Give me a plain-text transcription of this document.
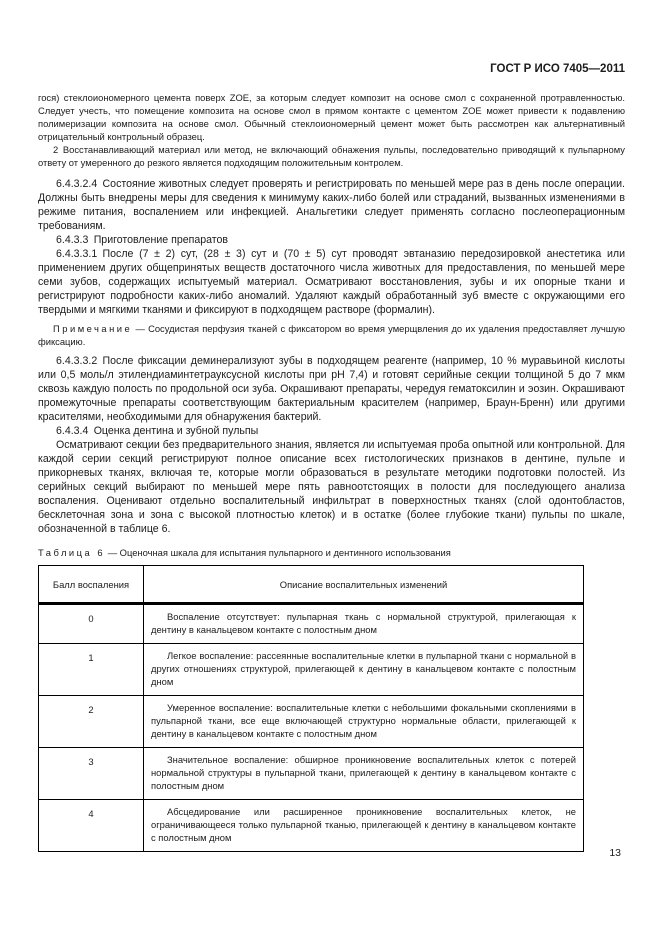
ГОСТ Р ИСО 7405—2011

гося) стеклоиономерного цемента поверх ZOE, за которым следует композит на основе смол с сохраненной протравленностью. Следует учесть, что помещение композита на основе смол в прямом контакте с цементом ZOE может привести к подавлению полимеризации композита на основе смол. Обычный стеклоиономерный цемент может быть рассмотрен как альтернативный отрицательный контрольный образец.

2 Восстанавливающий материал или метод, не включающий обнажения пульпы, последовательно приводящий к пульпарному ответу от умеренного до резкого является подходящим положительным контролем.

6.4.3.2.4 Состояние животных следует проверять и регистрировать по меньшей мере раз в день после операции. Должны быть внедрены меры для сведения к минимуму каких-либо болей или страданий, вызванных изменениями в режиме питания, воспалением или инфекцией. Анальгетики следует применять согласно послеоперационным требованиям.

6.4.3.3 Приготовление препаратов

6.4.3.3.1 После (7 ± 2) сут, (28 ± 3) сут и (70 ± 5) сут проводят эвтаназию передозировкой анестетика или применением других общепринятых веществ достаточного числа животных для предоставления, по меньшей мере семи зубов, содержащих испытуемый материал. Осматривают восстановления, зубы и их опорные ткани и регистрируют подробности каких-либо аномалий. Удаляют каждый обработанный зуб вместе с окружающими его твердыми и мягкими тканями и фиксируют в подходящем растворе (формалин).

Примечание — Сосудистая перфузия тканей с фиксатором во время умерщвления до их удаления предоставляет лучшую фиксацию.

6.4.3.3.2 После фиксации деминерализуют зубы в подходящем реагенте (например, 10 % муравьиной кислоты или 0,5 моль/л этилендиаминтетрауксусной кислоты при pH 7,4) и готовят серийные секции толщиной 5 до 7 мкм сквозь каждую полость по продольной оси зуба. Окрашивают препараты, чередуя гематоксилин и эозин. Окрашивают промежуточные препараты соответствующим бактериальным красителем (например, Браун-Бренн) или другими красителями, необходимыми для обнаружения бактерий.

6.4.3.4 Оценка дентина и зубной пульпы

Осматривают секции без предварительного знания, является ли испытуемая проба опытной или контрольной. Для каждой серии секций регистрируют полное описание всех гистологических признаков в дентине, пульпе и прикорневых тканях, включая те, которые могли образоваться в результате методики подготовки полостей. Из серийных секций выбирают по меньшей мере пять равноотстоящих в полости для последующего анализа воспаления. Оценивают отдельно воспалительный инфильтрат в поверхностных тканях (слой одонтобластов, бесклеточная зона и зона с высокой плотностью клеток) и в остатке (более глубокие ткани) пульпы по шкале, обозначенной в таблице 6.

Таблица 6 — Оценочная шкала для испытания пульпарного и дентинного использования

Балл воспаления	Описание воспалительных изменений
0	Воспаление отсутствует: пульпарная ткань с нормальной структурой, прилегающая к дентину в канальцевом контакте с полостным дном

1	Легкое воспаление: рассеянные воспалительные клетки в пульпарной ткани с нормальной в других отношениях структурой, прилегающей к дентину в канальцевом контакте с полостным дном

2	Умеренное воспаление: воспалительные клетки с небольшими фокальными скоплениями в пульпарной ткани, все еще включающей структурно нормальные области, прилегающей к дентину в канальцевом контакте с полостным дном

3	Значительное воспаление: обширное проникновение воспалительных клеток с потерей нормальной структуры в пульпарной ткани, прилегающей к дентину в канальцевом контакте с полостным дном

4	Абсцедирование или расширенное проникновение воспалительных клеток, не ограничивающееся только пульпарной тканью, прилегающей к дентину в канальцевом контакте с полостным дном

13
